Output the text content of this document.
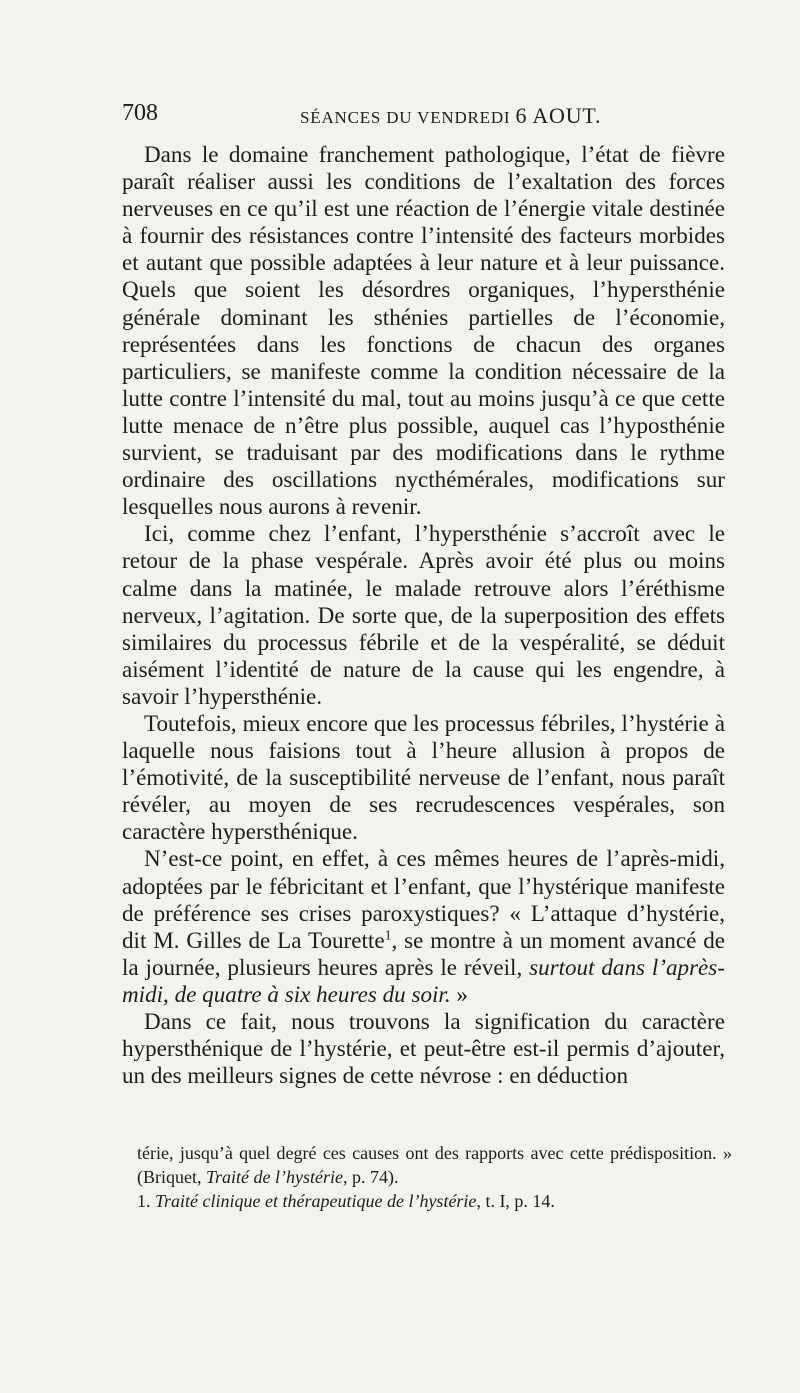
708	SÉANCES DU VENDREDI 6 AOUT.

Dans le domaine franchement pathologique, l’état de fièvre paraît réaliser aussi les conditions de l’exaltation des forces nerveuses en ce qu’il est une réaction de l’énergie vitale destinée à fournir des résistances contre l’intensité des facteurs morbides et autant que possible adaptées à leur nature et à leur puissance. Quels que soient les désordres organiques, l’hypersthénie générale dominant les sthénies partielles de l’économie, représentées dans les fonctions de chacun des organes particuliers, se manifeste comme la condition nécessaire de la lutte contre l’intensité du mal, tout au moins jusqu’à ce que cette lutte menace de n’être plus possible, auquel cas l’hyposthénie survient, se traduisant par des modifications dans le rythme ordinaire des oscillations nycthémérales, modifications sur lesquelles nous aurons à revenir.

Ici, comme chez l’enfant, l’hypersthénie s’accroît avec le retour de la phase vespérale. Après avoir été plus ou moins calme dans la matinée, le malade retrouve alors l’éréthisme nerveux, l’agitation. De sorte que, de la superposition des effets similaires du processus fébrile et de la vespéralité, se déduit aisément l’identité de nature de la cause qui les engendre, à savoir l’hypersthénie.

Toutefois, mieux encore que les processus fébriles, l’hystérie à laquelle nous faisions tout à l’heure allusion à propos de l’émotivité, de la susceptibilité nerveuse de l’enfant, nous paraît révéler, au moyen de ses recrudescences vespérales, son caractère hypersthénique.

N’est-ce point, en effet, à ces mêmes heures de l’après-midi, adoptées par le fébricitant et l’enfant, que l’hystérique manifeste de préférence ses crises paroxystiques? « L’attaque d’hystérie, dit M. Gilles de La Tourette$^1$, se montre à un moment avancé de la journée, plusieurs heures après le réveil, surtout dans l’après-midi, de quatre à six heures du soir. »

Dans ce fait, nous trouvons la signification du caractère hypersthénique de l’hystérie, et peut-être est-il permis d’ajouter, un des meilleurs signes de cette névrose : en déduction

térie, jusqu’à quel degré ces causes ont des rapports avec cette prédisposition. » (Briquet, Traité de l’hystérie, p. 74).

1. Traité clinique et thérapeutique de l’hystérie, t. I, p. 14.
